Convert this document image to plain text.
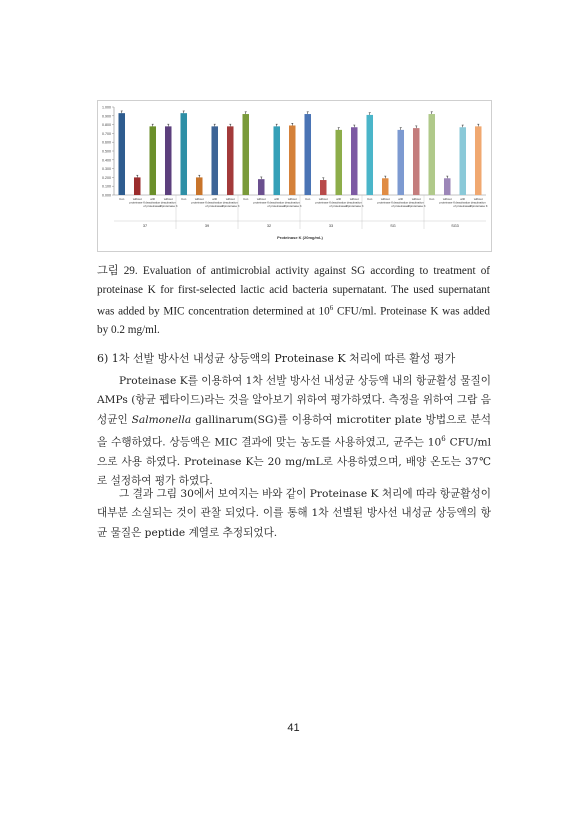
0.000
0.100
0.200
0.300
0.400
0.500
0.600
0.700
0.800
0.900
1.000
Con	without proteinase K
with deactivation of proteinase K
without deactivation of proteinase K
Con	without proteinase K
with deactivation of proteinase K
without deactivation of proteinase K
Con	without proteinase K
with deactivation of proteinase K
without deactivation of proteinase K
Con	without proteinase K
with deactivation of proteinase K
without deactivation of proteinase K
Con	without proteinase K
with deactivation of proteinase K
without deactivation of proteinase K
Con	without proteinase K
with deactivation of proteinase K
without deactivation of proteinase K
37	39	32	33	SG	SG3
Proteinase K (20mg/mL)
그림 29. Evaluation of antimicrobial activity against SG according to treatment of proteinase K for first-selected lactic acid bacteria supernatant. The used supernatant was added by MIC concentration determined at $10^6$ CFU/ml. Proteinase K was added by 0.2 mg/ml.
6) 1차 선발 방사선 내성균 상등액의 Proteinase K 처리에 따른 활성 평가
Proteinase K를 이용하여 1차 선발 방사선 내성균 상등액 내의 항균활성 물질이 AMPs (항균 펩타이드)라는 것을 알아보기 위하여 평가하였다. 측정을 위하여 그람 음성균인 Salmonella gallinarum(SG)를 이용하여 microtiter plate 방법으로 분석을 수행하였다. 상등액은 MIC 결과에 맞는 농도를 사용하였고, 균주는 $10^6$ CFU/ml으로 사용 하였다. Proteinase K는 20 mg/mL로 사용하였으며, 배양 온도는 37℃로 설정하여 평가 하였다.
그 결과 그림 30에서 보여지는 바와 같이 Proteinase K 처리에 따라 항균활성이 대부분 소실되는 것이 관찰 되었다. 이를 통해 1차 선별된 방사선 내성균 상등액의 항균 물질은 peptide 계열로 추정되었다.
41
